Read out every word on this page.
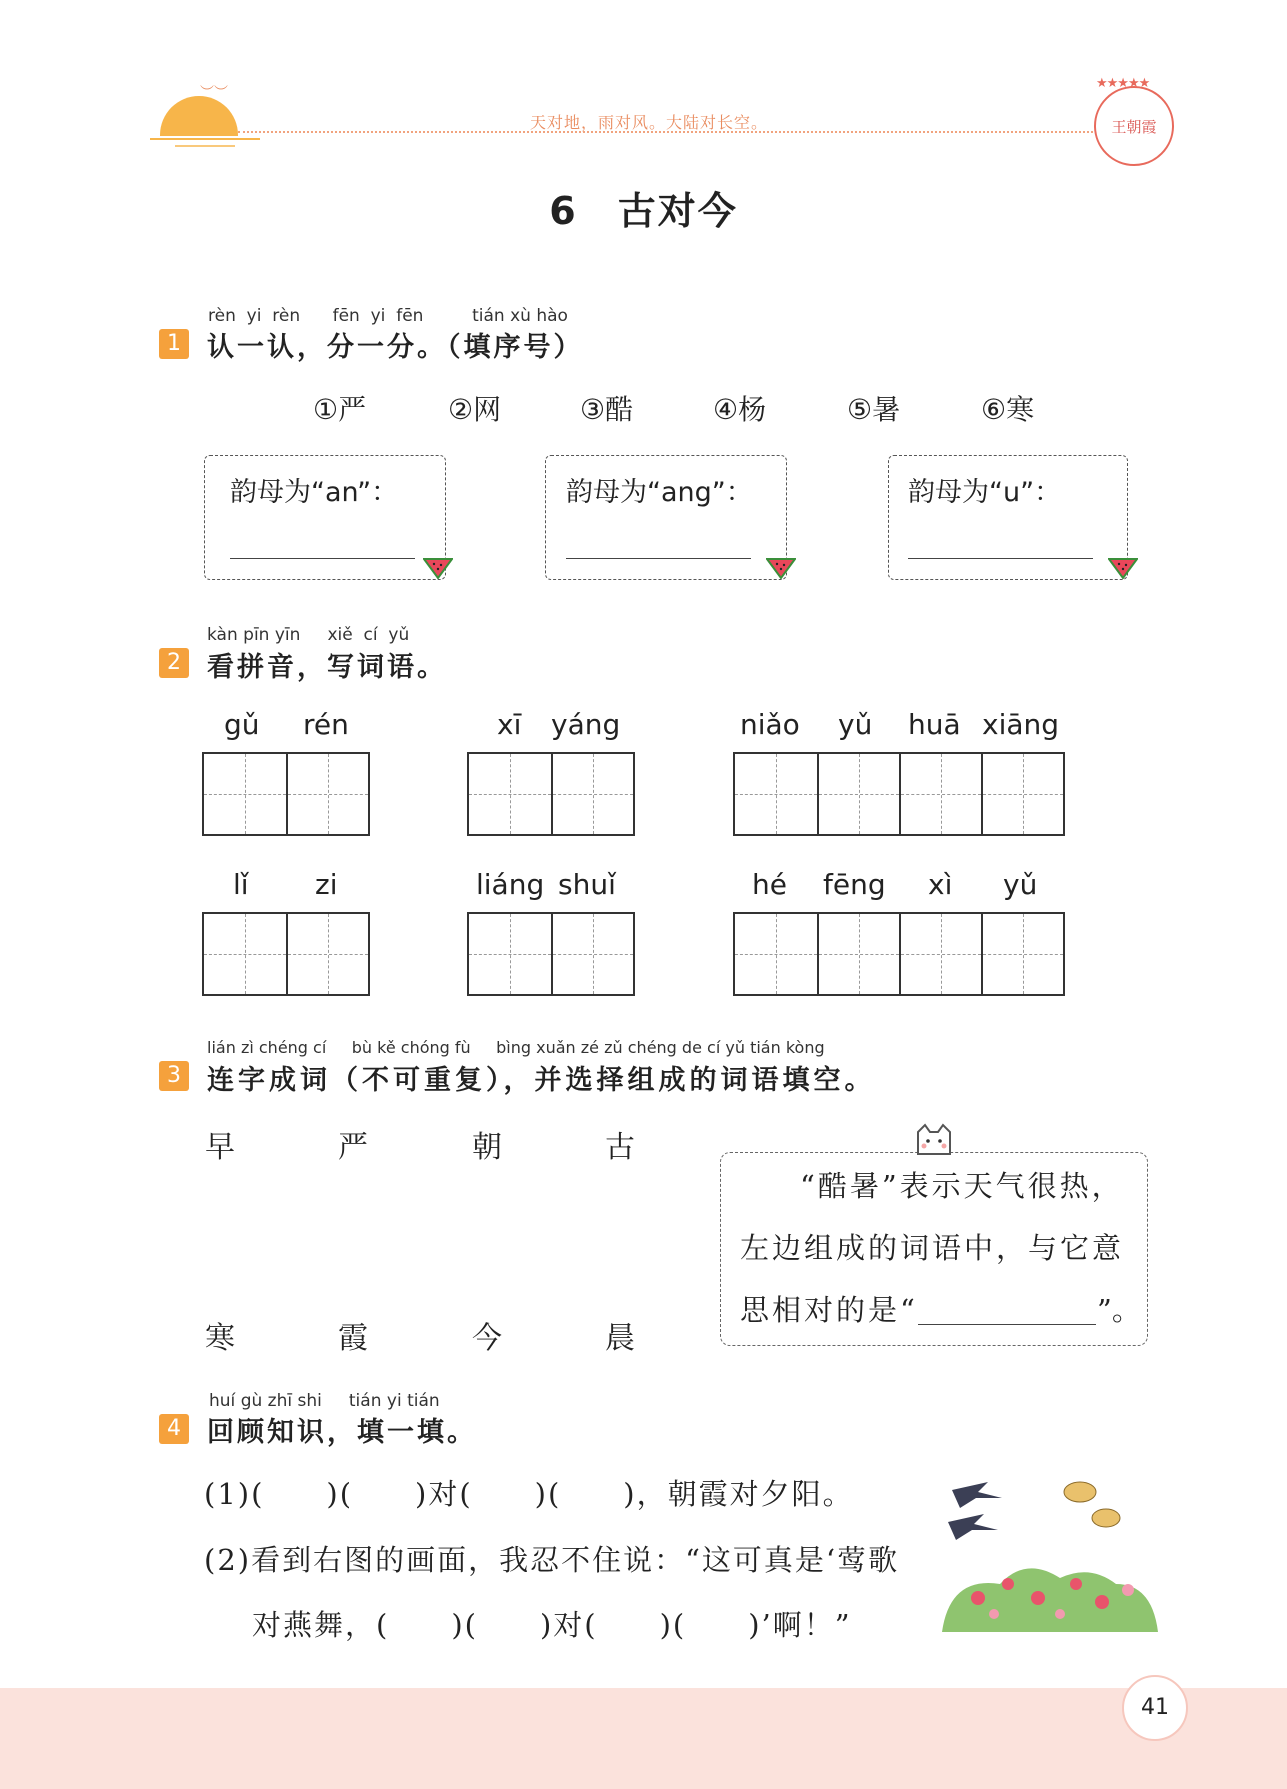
︶︶
天对地，雨对风。大陆对长空。
★★★★★
王朝霞
6　古对今
rèn yi rèn fēn yi fēn	tián xù hào
1 认一认，分一分。（填序号）
①严	②网	③酷	④杨	⑤暑	⑥寒
韵母为“an”：	韵母为“ang”：	韵母为“u”：
kàn pīn yīn xiě cí yǔ
2 看拼音，写词语。
gǔ rén	xī yáng	niǎo yǔ huā xiāng
lǐ zi	liáng shuǐ	hé fēng xì yǔ
lián zì chéng cí bù kě chóng fù bìng xuǎn zé zǔ chéng de cí yǔ tián kòng
3 连字成词（不可重复），并选择组成的词语填空。
早	严	朝	古
寒	霞	今	晨
“酷暑”表示天气很热，
左边组成的词语中，与它意
思相对的是“	”。
huí gù zhī shi tián yi tián
4 回顾知识，填一填。
(1)(　　)(　　)对(　　)(　　)，朝霞对夕阳。
(2)看到右图的画面，我忍不住说：“这可真是‘莺歌
对燕舞，(　　)(　　)对(　　)(　　)’啊！”
41
